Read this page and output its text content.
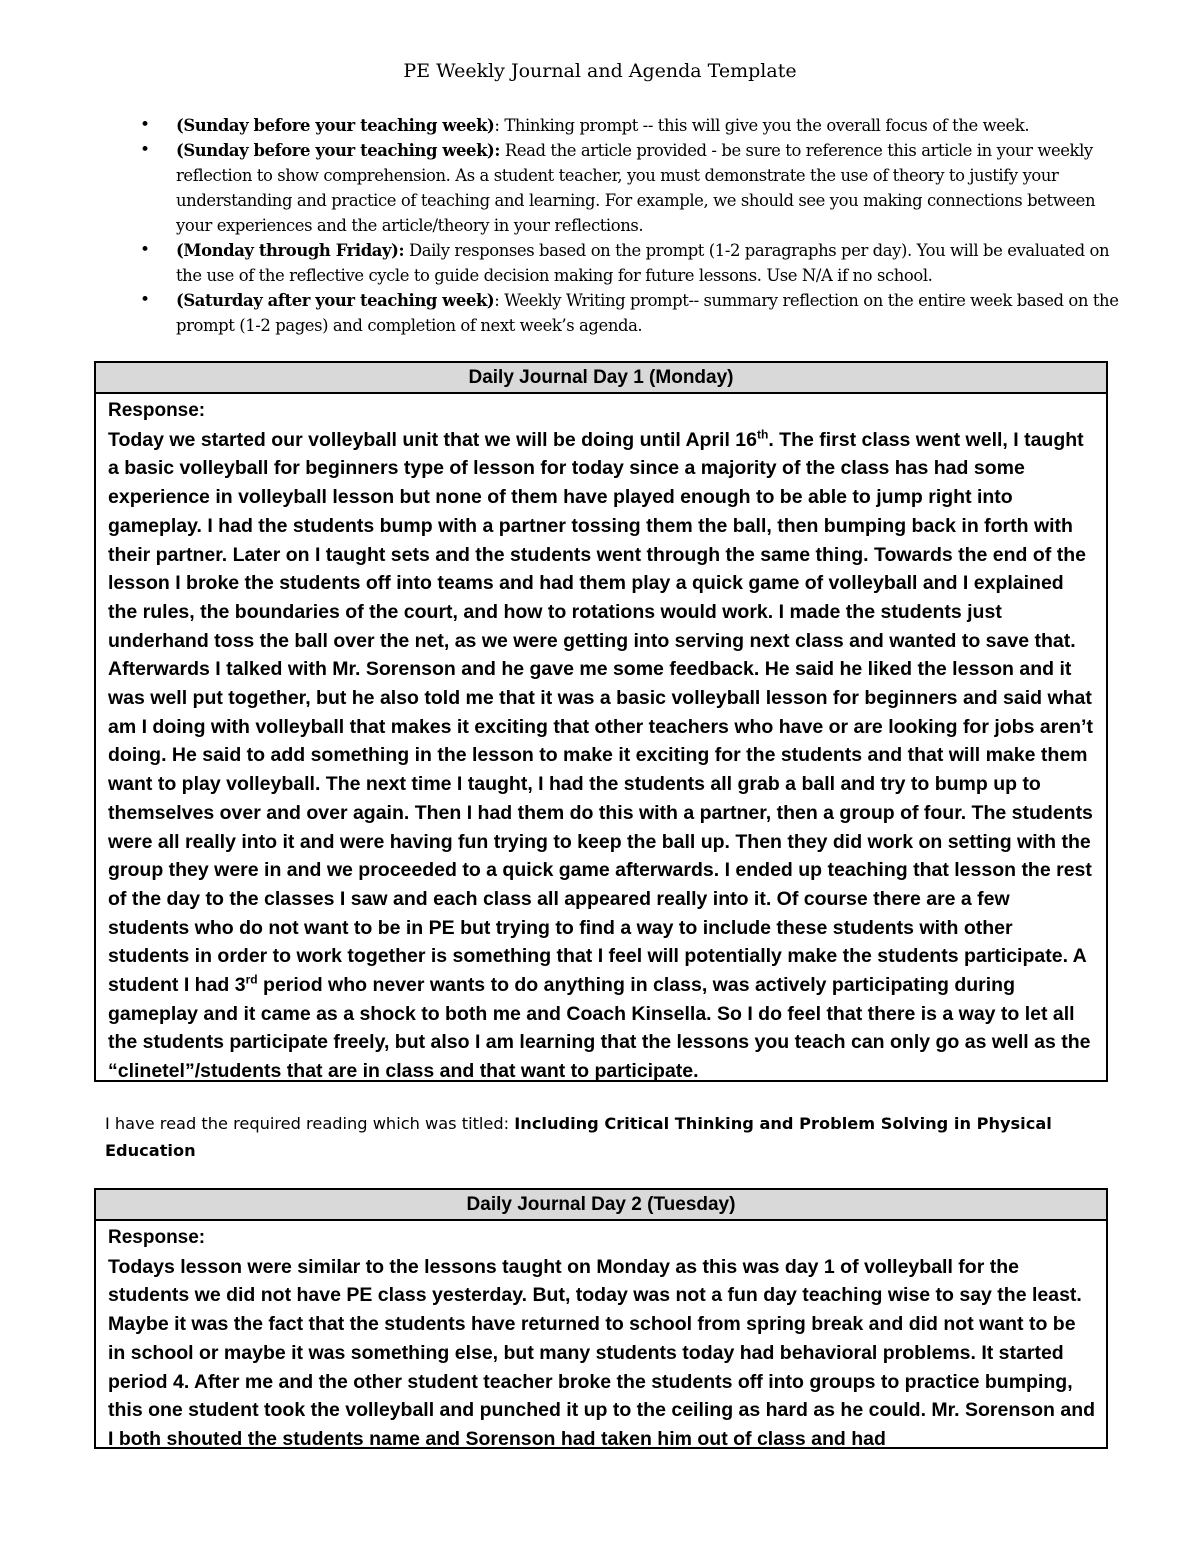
PE Weekly Journal and Agenda Template
• (Sunday before your teaching week): Thinking prompt -- this will give you the overall focus of the week.
• (Sunday before your teaching week): Read the article provided - be sure to reference this article in your weekly reflection to show comprehension. As a student teacher, you must demonstrate the use of theory to justify your understanding and practice of teaching and learning. For example, we should see you making connections between your experiences and the article/theory in your reflections.
• (Monday through Friday): Daily responses based on the prompt (1-2 paragraphs per day). You will be evaluated on the use of the reflective cycle to guide decision making for future lessons. Use N/A if no school.
• (Saturday after your teaching week): Weekly Writing prompt-- summary reflection on the entire week based on the prompt (1-2 pages) and completion of next week’s agenda.
Daily Journal Day 1 (Monday)
Response:
Today we started our volleyball unit that we will be doing until April 16th. The first class went well, I taught a basic volleyball for beginners type of lesson for today since a majority of the class has had some experience in volleyball lesson but none of them have played enough to be able to jump right into gameplay. I had the students bump with a partner tossing them the ball, then bumping back in forth with their partner. Later on I taught sets and the students went through the same thing. Towards the end of the lesson I broke the students off into teams and had them play a quick game of volleyball and I explained the rules, the boundaries of the court, and how to rotations would work. I made the students just underhand toss the ball over the net, as we were getting into serving next class and wanted to save that. Afterwards I talked with Mr. Sorenson and he gave me some feedback. He said he liked the lesson and it was well put together, but he also told me that it was a basic volleyball lesson for beginners and said what am I doing with volleyball that makes it exciting that other teachers who have or are looking for jobs aren’t doing. He said to add something in the lesson to make it exciting for the students and that will make them want to play volleyball. The next time I taught, I had the students all grab a ball and try to bump up to themselves over and over again. Then I had them do this with a partner, then a group of four. The students were all really into it and were having fun trying to keep the ball up. Then they did work on setting with the group they were in and we proceeded to a quick game afterwards. I ended up teaching that lesson the rest of the day to the classes I saw and each class all appeared really into it. Of course there are a few students who do not want to be in PE but trying to find a way to include these students with other students in order to work together is something that I feel will potentially make the students participate. A student I had 3rd period who never wants to do anything in class, was actively participating during gameplay and it came as a shock to both me and Coach Kinsella. So I do feel that there is a way to let all the students participate freely, but also I am learning that the lessons you teach can only go as well as the “clinetel”/students that are in class and that want to participate.
I have read the required reading which was titled: Including Critical Thinking and Problem Solving in Physical Education
Daily Journal Day 2 (Tuesday)
Response:
Todays lesson were similar to the lessons taught on Monday as this was day 1 of volleyball for the students we did not have PE class yesterday. But, today was not a fun day teaching wise to say the least. Maybe it was the fact that the students have returned to school from spring break and did not want to be in school or maybe it was something else, but many students today had behavioral problems. It started period 4. After me and the other student teacher broke the students off into groups to practice bumping, this one student took the volleyball and punched it up to the ceiling as hard as he could. Mr. Sorenson and I both shouted the students name and Sorenson had taken him out of class and had
